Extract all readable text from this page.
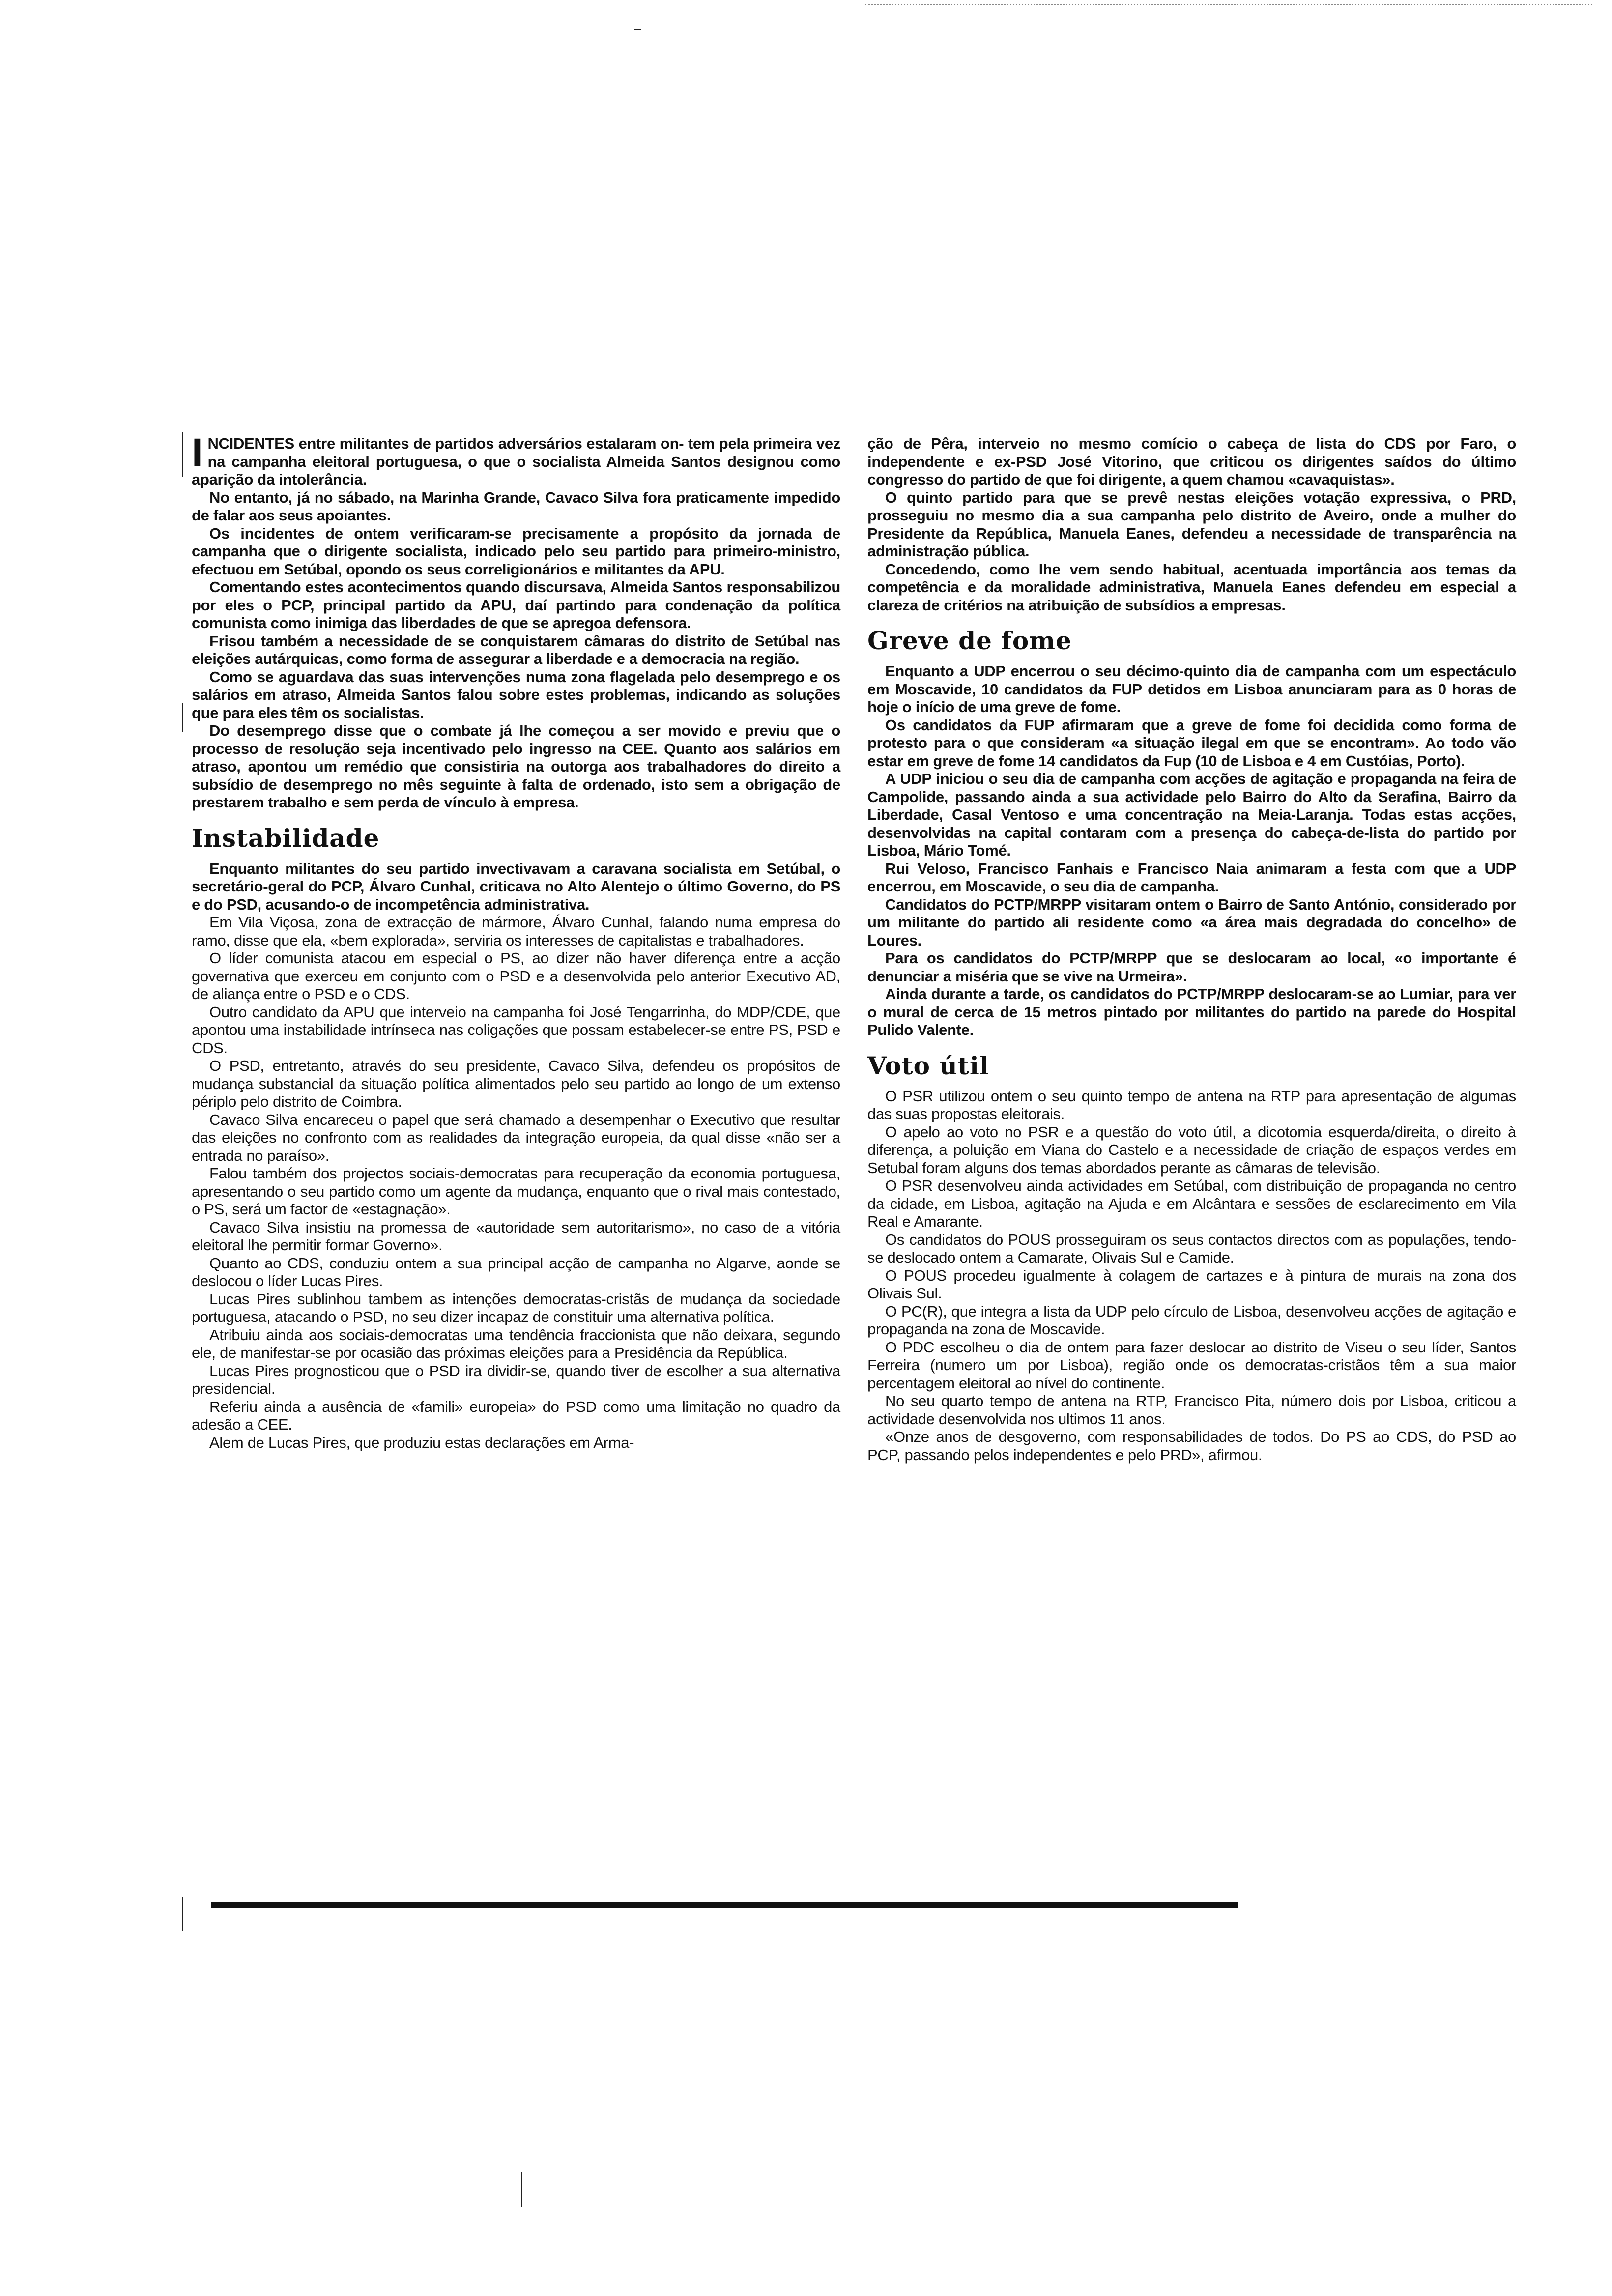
INCIDENTES entre militantes de partidos adversários estalaram on- tem pela primeira vez na campanha eleitoral portuguesa, o que o socialista Almeida Santos designou como aparição da intolerância.

No entanto, já no sábado, na Marinha Grande, Cavaco Silva fora praticamente impedido de falar aos seus apoiantes.

Os incidentes de ontem verificaram-se precisamente a propósito da jornada de campanha que o dirigente socialista, indicado pelo seu partido para primeiro-ministro, efectuou em Setúbal, opondo os seus correligionários e militantes da APU.

Comentando estes acontecimentos quando discursava, Almeida Santos responsabilizou por eles o PCP, principal partido da APU, daí partindo para condenação da política comunista como inimiga das liberdades de que se apregoa defensora.

Frisou também a necessidade de se conquistarem câmaras do distrito de Setúbal nas eleições autárquicas, como forma de assegurar a liberdade e a democracia na região.

Como se aguardava das suas intervenções numa zona flagelada pelo desemprego e os salários em atraso, Almeida Santos falou sobre estes problemas, indicando as soluções que para eles têm os socialistas.

Do desemprego disse que o combate já lhe começou a ser movido e previu que o processo de resolução seja incentivado pelo ingresso na CEE. Quanto aos salários em atraso, apontou um remédio que consistiria na outorga aos trabalhadores do direito a subsídio de desemprego no mês seguinte à falta de ordenado, isto sem a obrigação de prestarem trabalho e sem perda de vínculo à empresa.

Instabilidade

Enquanto militantes do seu partido invectivavam a caravana socialista em Setúbal, o secretário-geral do PCP, Álvaro Cunhal, criticava no Alto Alentejo o último Governo, do PS e do PSD, acusando-o de incompetência administrativa.

Em Vila Viçosa, zona de extracção de mármore, Álvaro Cunhal, falando numa empresa do ramo, disse que ela, «bem explorada», serviria os interesses de capitalistas e trabalhadores.

O líder comunista atacou em especial o PS, ao dizer não haver diferença entre a acção governativa que exerceu em conjunto com o PSD e a desenvolvida pelo anterior Executivo AD, de aliança entre o PSD e o CDS.

Outro candidato da APU que interveio na campanha foi José Tengarrinha, do MDP/CDE, que apontou uma instabilidade intrínseca nas coligações que possam estabelecer-se entre PS, PSD e CDS.

O PSD, entretanto, através do seu presidente, Cavaco Silva, defendeu os propósitos de mudança substancial da situação política alimentados pelo seu partido ao longo de um extenso périplo pelo distrito de Coimbra.

Cavaco Silva encareceu o papel que será chamado a desempenhar o Executivo que resultar das eleições no confronto com as realidades da integração europeia, da qual disse «não ser a entrada no paraíso».

Falou também dos projectos sociais-democratas para recuperação da economia portuguesa, apresentando o seu partido como um agente da mudança, enquanto que o rival mais contestado, o PS, será um factor de «estagnação».

Cavaco Silva insistiu na promessa de «autoridade sem autoritarismo», no caso de a vitória eleitoral lhe permitir formar Governo».

Quanto ao CDS, conduziu ontem a sua principal acção de campanha no Algarve, aonde se deslocou o líder Lucas Pires.

Lucas Pires sublinhou tambem as intenções democratas-cristãs de mudança da sociedade portuguesa, atacando o PSD, no seu dizer incapaz de constituir uma alternativa política.

Atribuiu ainda aos sociais-democratas uma tendência fraccionista que não deixara, segundo ele, de manifestar-se por ocasião das próximas eleições para a Presidência da República.

Lucas Pires prognosticou que o PSD ira dividir-se, quando tiver de escolher a sua alternativa presidencial.

Referiu ainda a ausência de «famili» europeia» do PSD como uma limitação no quadro da adesão a CEE.

Alem de Lucas Pires, que produziu estas declarações em Arma-

ção de Pêra, interveio no mesmo comício o cabeça de lista do CDS por Faro, o independente e ex-PSD José Vitorino, que criticou os dirigentes saídos do último congresso do partido de que foi dirigente, a quem chamou «cavaquistas».

O quinto partido para que se prevê nestas eleições votação expressiva, o PRD, prosseguiu no mesmo dia a sua campanha pelo distrito de Aveiro, onde a mulher do Presidente da República, Manuela Eanes, defendeu a necessidade de transparência na administração pública.

Concedendo, como lhe vem sendo habitual, acentuada importância aos temas da competência e da moralidade administrativa, Manuela Eanes defendeu em especial a clareza de critérios na atribuição de subsídios a empresas.

Greve de fome

Enquanto a UDP encerrou o seu décimo-quinto dia de campanha com um espectáculo em Moscavide, 10 candidatos da FUP detidos em Lisboa anunciaram para as 0 horas de hoje o início de uma greve de fome.

Os candidatos da FUP afirmaram que a greve de fome foi decidida como forma de protesto para o que consideram «a situação ilegal em que se encontram». Ao todo vão estar em greve de fome 14 candidatos da Fup (10 de Lisboa e 4 em Custóias, Porto).

A UDP iniciou o seu dia de campanha com acções de agitação e propaganda na feira de Campolide, passando ainda a sua actividade pelo Bairro do Alto da Serafina, Bairro da Liberdade, Casal Ventoso e uma concentração na Meia-Laranja. Todas estas acções, desenvolvidas na capital contaram com a presença do cabeça-de-lista do partido por Lisboa, Mário Tomé.

Rui Veloso, Francisco Fanhais e Francisco Naia animaram a festa com que a UDP encerrou, em Moscavide, o seu dia de campanha.

Candidatos do PCTP/MRPP visitaram ontem o Bairro de Santo António, considerado por um militante do partido ali residente como «a área mais degradada do concelho» de Loures.

Para os candidatos do PCTP/MRPP que se deslocaram ao local, «o importante é denunciar a miséria que se vive na Urmeira».

Ainda durante a tarde, os candidatos do PCTP/MRPP deslocaram-se ao Lumiar, para ver o mural de cerca de 15 metros pintado por militantes do partido na parede do Hospital Pulido Valente.

Voto útil

O PSR utilizou ontem o seu quinto tempo de antena na RTP para apresentação de algumas das suas propostas eleitorais.

O apelo ao voto no PSR e a questão do voto útil, a dicotomia esquerda/direita, o direito à diferença, a poluição em Viana do Castelo e a necessidade de criação de espaços verdes em Setubal foram alguns dos temas abordados perante as câmaras de televisão.

O PSR desenvolveu ainda actividades em Setúbal, com distribuição de propaganda no centro da cidade, em Lisboa, agitação na Ajuda e em Alcântara e sessões de esclarecimento em Vila Real e Amarante.

Os candidatos do POUS prosseguiram os seus contactos directos com as populações, tendo-se deslocado ontem a Camarate, Olivais Sul e Camide.

O POUS procedeu igualmente à colagem de cartazes e à pintura de murais na zona dos Olivais Sul.

O PC(R), que integra a lista da UDP pelo círculo de Lisboa, desenvolveu acções de agitação e propaganda na zona de Moscavide.

O PDC escolheu o dia de ontem para fazer deslocar ao distrito de Viseu o seu líder, Santos Ferreira (numero um por Lisboa), região onde os democratas-cristãos têm a sua maior percentagem eleitoral ao nível do continente.

No seu quarto tempo de antena na RTP, Francisco Pita, número dois por Lisboa, criticou a actividade desenvolvida nos ultimos 11 anos.

«Onze anos de desgoverno, com responsabilidades de todos. Do PS ao CDS, do PSD ao PCP, passando pelos independentes e pelo PRD», afirmou.
